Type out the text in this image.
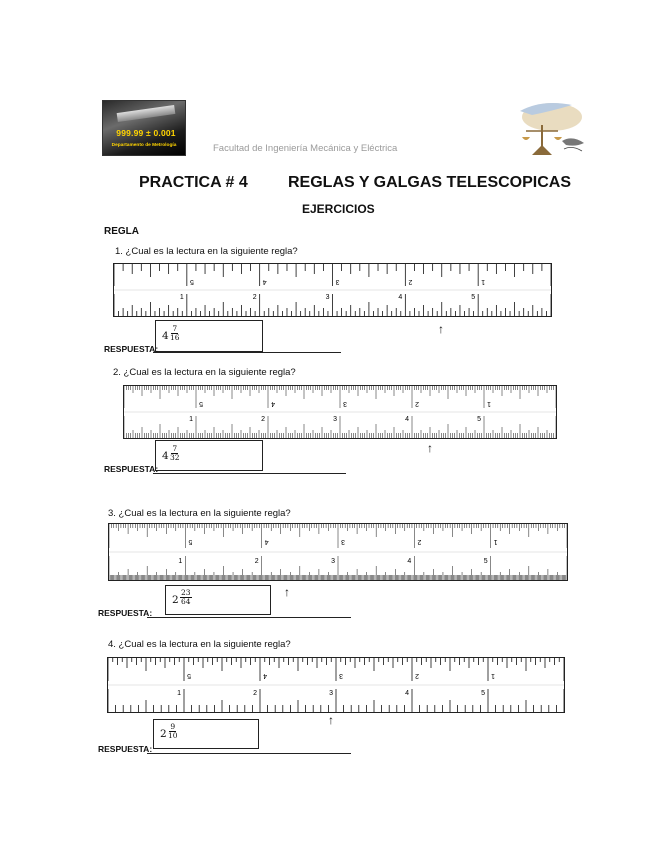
999.99 ± 0.001
Departamento de Metrología	Facultad de Ingeniería Mecánica y Eléctrica
PRACTICA # 4	REGLAS Y GALGAS TELESCOPICAS
EJERCICIOS
REGLA
1. ¿Cual es la lectura en la siguiente regla?
1	2	3	4	5
5	4	3	2	1
↑
$4 \frac{7}{16}$
RESPUESTA:
2. ¿Cual es la lectura en la siguiente regla?
1	2	3	4	5
5	4	3	2	1
↑
$4 \frac{7}{32}$
RESPUESTA:
3. ¿Cual es la lectura en la siguiente regla?
1	2	3	4	5
5	4	3	2	1
↑
$2 \frac{23}{64}$
RESPUESTA:
4. ¿Cual es la lectura en la siguiente regla?
1	2	3	4	5
5	4	3	2	1
↑
$2 \frac{9}{10}$
RESPUESTA:
